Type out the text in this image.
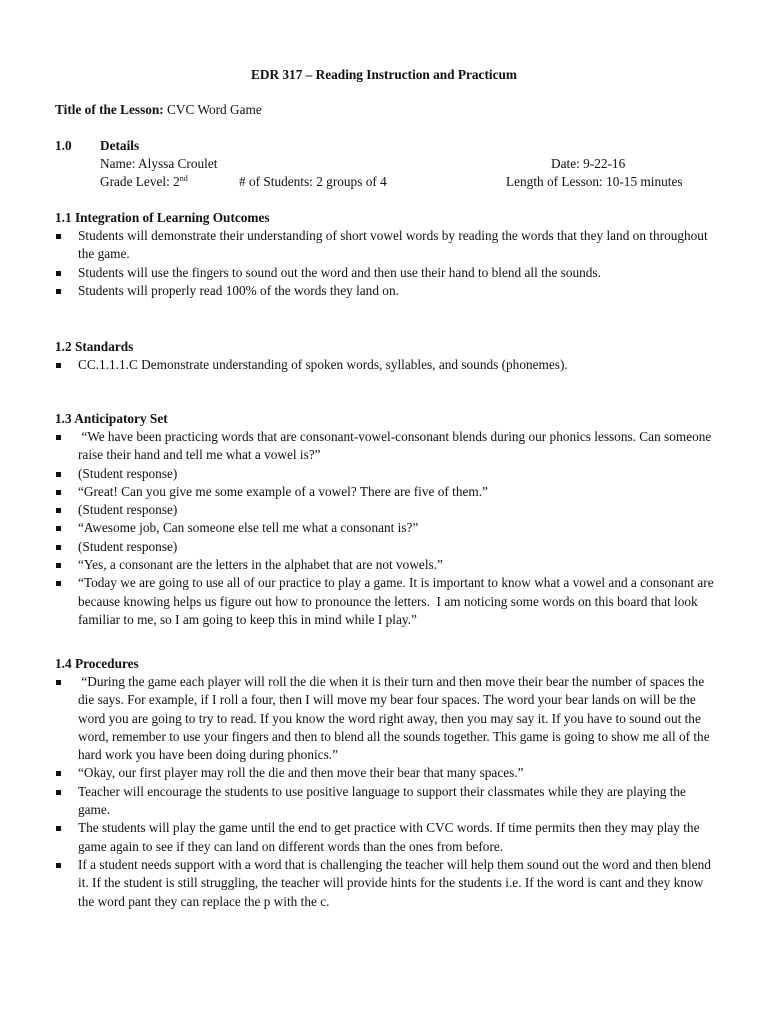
EDR 317 – Reading Instruction and Practicum
Title of the Lesson: CVC Word Game
1.0 Details
Name: Alyssa Croulet	Date: 9-22-16
Grade Level: 2nd	# of Students: 2 groups of 4	Length of Lesson: 10-15 minutes
1.1 Integration of Learning Outcomes
Students will demonstrate their understanding of short vowel words by reading the words that they land on throughout the game.
Students will use the fingers to sound out the word and then use their hand to blend all the sounds.
Students will properly read 100% of the words they land on.
1.2 Standards
CC.1.1.1.C Demonstrate understanding of spoken words, syllables, and sounds (phonemes).
1.3 Anticipatory Set
“We have been practicing words that are consonant-vowel-consonant blends during our phonics lessons. Can someone raise their hand and tell me what a vowel is?”
(Student response)
“Great! Can you give me some example of a vowel? There are five of them.”
(Student response)
“Awesome job, Can someone else tell me what a consonant is?”
(Student response)
“Yes, a consonant are the letters in the alphabet that are not vowels.”
“Today we are going to use all of our practice to play a game. It is important to know what a vowel and a consonant are because knowing helps us figure out how to pronounce the letters.  I am noticing some words on this board that look familiar to me, so I am going to keep this in mind while I play.”
1.4 Procedures
“During the game each player will roll the die when it is their turn and then move their bear the number of spaces the die says. For example, if I roll a four, then I will move my bear four spaces. The word your bear lands on will be the word you are going to try to read. If you know the word right away, then you may say it. If you have to sound out the word, remember to use your fingers and then to blend all the sounds together. This game is going to show me all of the hard work you have been doing during phonics.”
“Okay, our first player may roll the die and then move their bear that many spaces.”
Teacher will encourage the students to use positive language to support their classmates while they are playing the game.
The students will play the game until the end to get practice with CVC words. If time permits then they may play the game again to see if they can land on different words than the ones from before.
If a student needs support with a word that is challenging the teacher will help them sound out the word and then blend it. If the student is still struggling, the teacher will provide hints for the students i.e. If the word is cant and they know the word pant they can replace the p with the c.
